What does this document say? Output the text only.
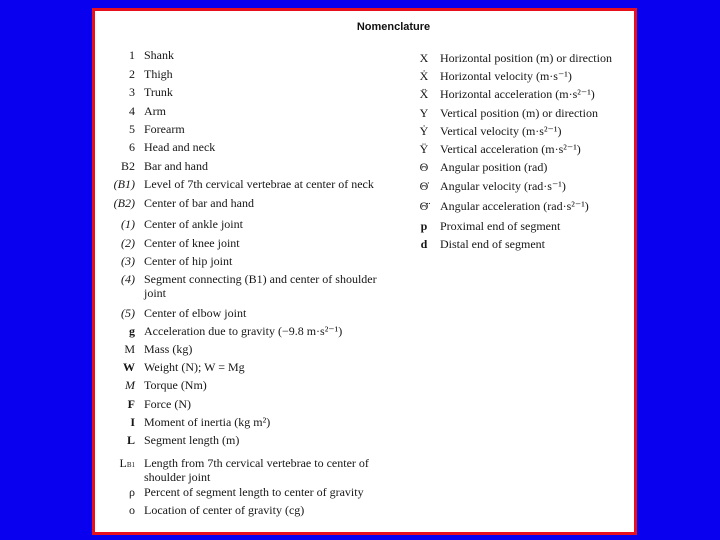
Nomenclature
1 Shank
2 Thigh
3 Trunk
4 Arm
5 Forearm
6 Head and neck
B2 Bar and hand
(B1) Level of 7th cervical vertebrae at center of neck
(B2) Center of bar and hand
(1) Center of ankle joint
(2) Center of knee joint
(3) Center of hip joint
(4) Segment connecting (B1) and center of shoulder joint
(5) Center of elbow joint
g Acceleration due to gravity (−9.8 m·s²⁻¹)
M Mass (kg)
W Weight (N); W = Mg
M Torque (Nm)
F Force (N)
I Moment of inertia (kg m²)
L Segment length (m)
LB1 Length from 7th cervical vertebrae to center of shoulder joint
ρ Percent of segment length to center of gravity
o Location of center of gravity (cg)
X Horizontal position (m) or direction
Ẋ Horizontal velocity (m·s⁻¹)
Ẍ Horizontal acceleration (m·s²⁻¹)
Y Vertical position (m) or direction
Ẏ Vertical velocity (m·s²⁻¹)
Ÿ Vertical acceleration (m·s²⁻¹)
Θ Angular position (rad)
Θ̇ Angular velocity (rad·s⁻¹)
Θ̈ Angular acceleration (rad·s²⁻¹)
p	Proximal end of segment
d	Distal end of segment
